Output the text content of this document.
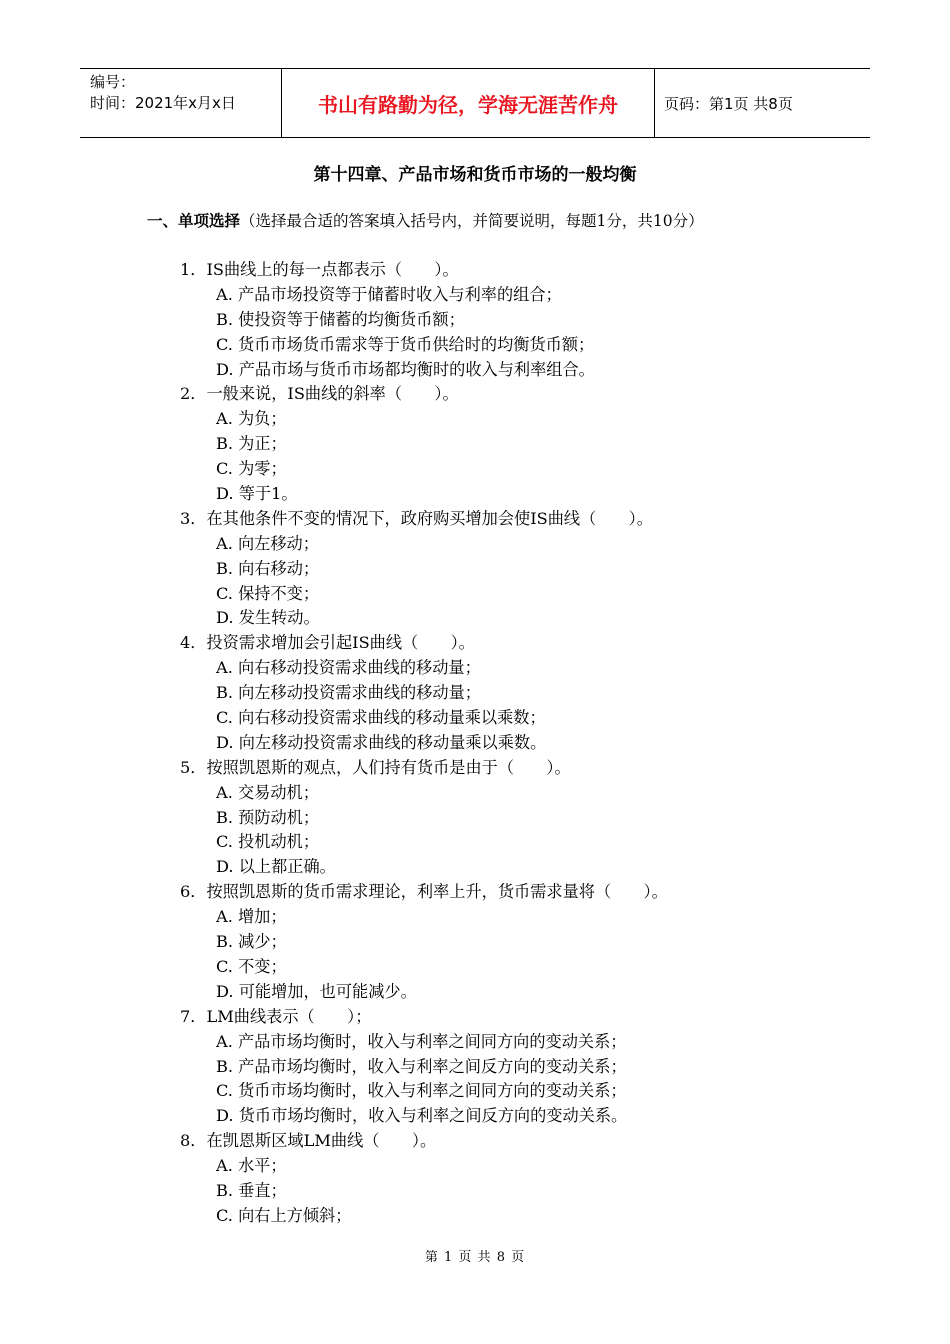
编号：
时间：2021年x月x日	书山有路勤为径，学海无涯苦作舟	页码：第1页 共8页
第十四章、产品市场和货币市场的一般均衡
一、单项选择（选择最合适的答案填入括号内，并简要说明，每题1分，共10分）
1．IS曲线上的每一点都表示（　　）。
A. 产品市场投资等于储蓄时收入与利率的组合；
B. 使投资等于储蓄的均衡货币额；
C. 货币市场货币需求等于货币供给时的均衡货币额；
D. 产品市场与货币市场都均衡时的收入与利率组合。
2．一般来说，IS曲线的斜率（　　）。
A. 为负；
B. 为正；
C. 为零；
D. 等于1。
3．在其他条件不变的情况下，政府购买增加会使IS曲线（　　）。
A. 向左移动；
B. 向右移动；
C. 保持不变；
D. 发生转动。
4．投资需求增加会引起IS曲线（　　）。
A. 向右移动投资需求曲线的移动量；
B. 向左移动投资需求曲线的移动量；
C. 向右移动投资需求曲线的移动量乘以乘数；
D. 向左移动投资需求曲线的移动量乘以乘数。
5．按照凯恩斯的观点，人们持有货币是由于（　　）。
A. 交易动机；
B. 预防动机；
C. 投机动机；
D. 以上都正确。
6．按照凯恩斯的货币需求理论，利率上升，货币需求量将（　　）。
A. 增加；
B. 减少；
C. 不变；
D. 可能增加，也可能减少。
7．LM曲线表示（　　）；
A. 产品市场均衡时，收入与利率之间同方向的变动关系；
B. 产品市场均衡时，收入与利率之间反方向的变动关系；
C. 货币市场均衡时，收入与利率之间同方向的变动关系；
D. 货币市场均衡时，收入与利率之间反方向的变动关系。
8．在凯恩斯区域LM曲线（　　）。
A. 水平；
B. 垂直；
C. 向右上方倾斜；
第 1 页 共 8 页
